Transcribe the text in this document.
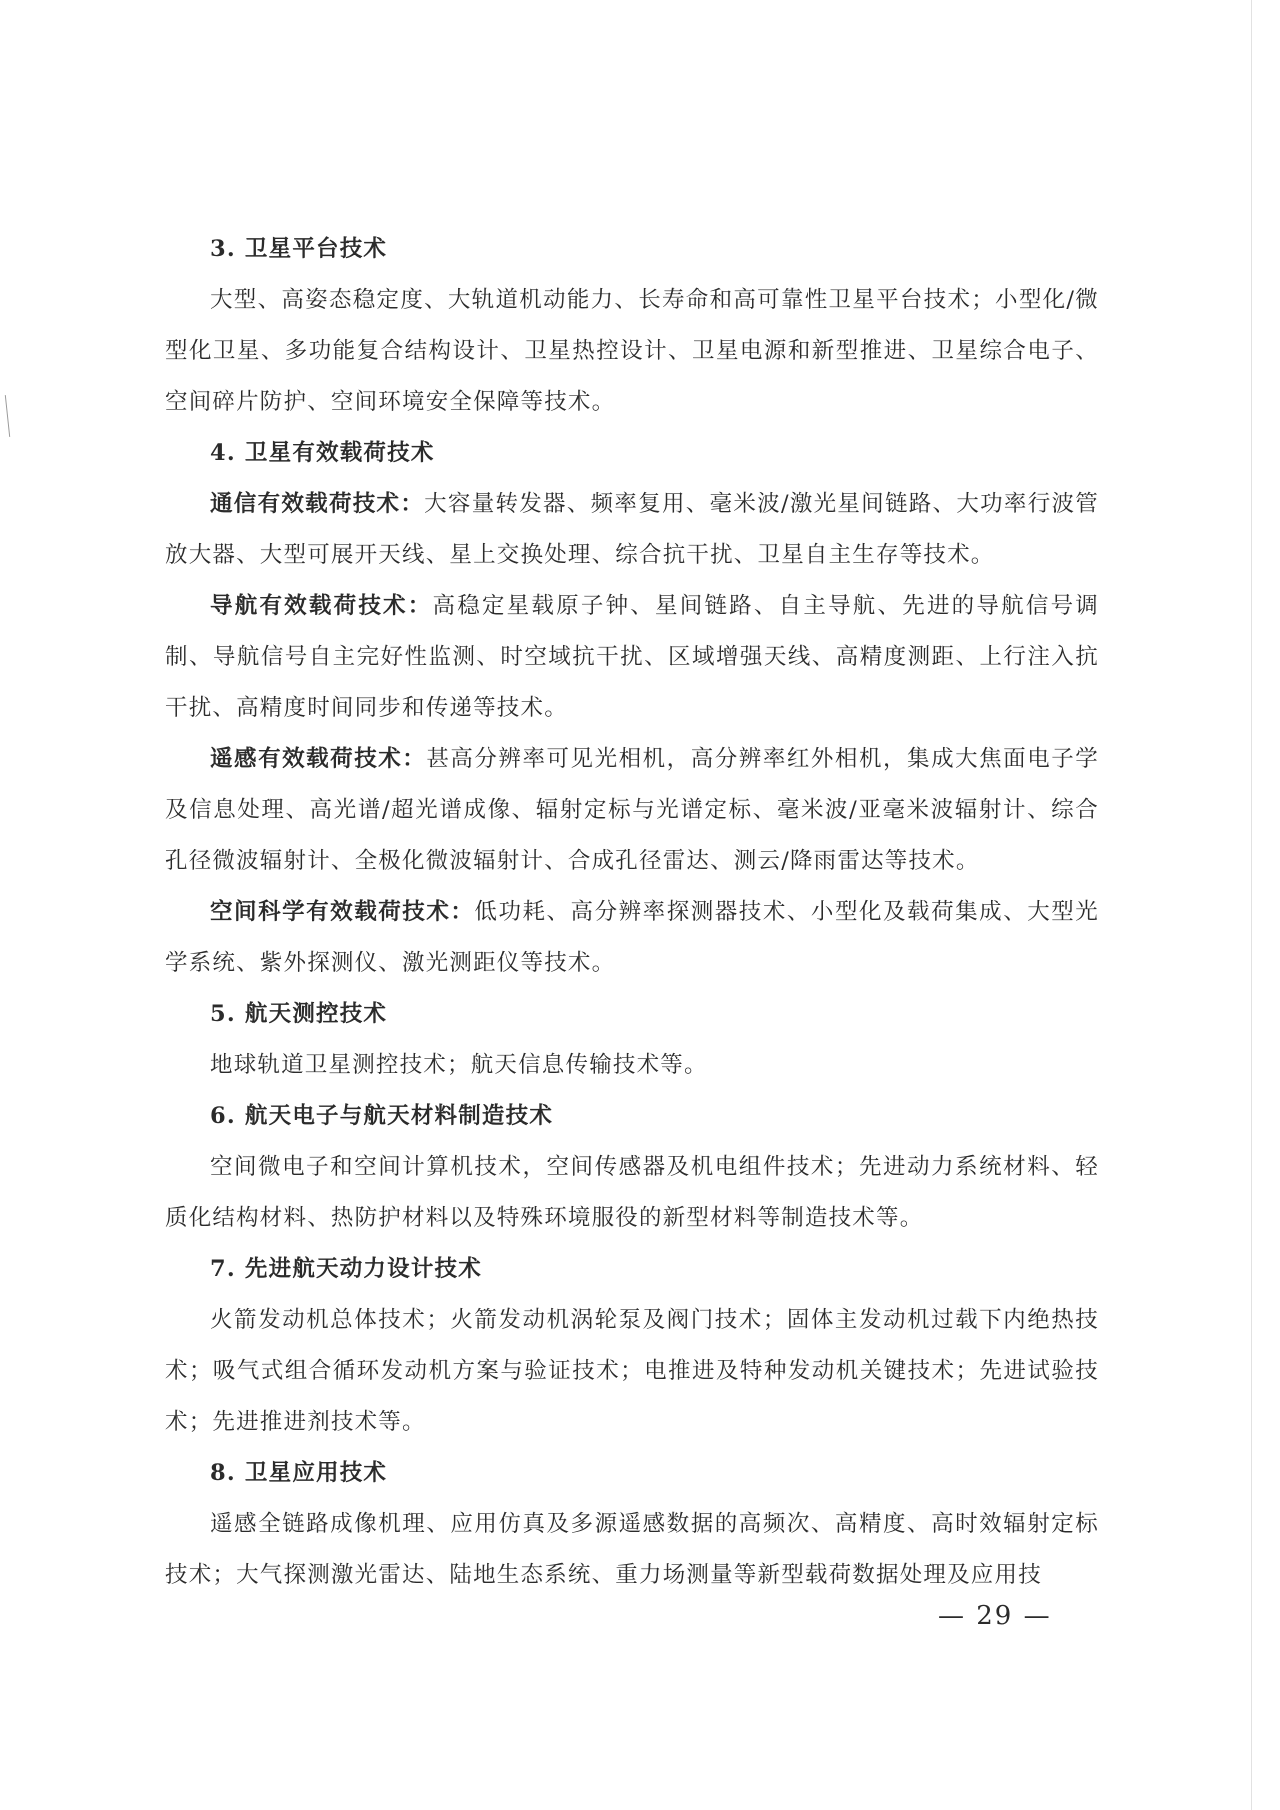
3. 卫星平台技术

大型、高姿态稳定度、大轨道机动能力、长寿命和高可靠性卫星平台技术；小型化/微型化卫星、多功能复合结构设计、卫星热控设计、卫星电源和新型推进、卫星综合电子、空间碎片防护、空间环境安全保障等技术。

4. 卫星有效载荷技术

通信有效载荷技术：大容量转发器、频率复用、毫米波/激光星间链路、大功率行波管放大器、大型可展开天线、星上交换处理、综合抗干扰、卫星自主生存等技术。

导航有效载荷技术：高稳定星载原子钟、星间链路、自主导航、先进的导航信号调制、导航信号自主完好性监测、时空域抗干扰、区域增强天线、高精度测距、上行注入抗干扰、高精度时间同步和传递等技术。

遥感有效载荷技术：甚高分辨率可见光相机，高分辨率红外相机，集成大焦面电子学及信息处理、高光谱/超光谱成像、辐射定标与光谱定标、毫米波/亚毫米波辐射计、综合孔径微波辐射计、全极化微波辐射计、合成孔径雷达、测云/降雨雷达等技术。

空间科学有效载荷技术：低功耗、高分辨率探测器技术、小型化及载荷集成、大型光学系统、紫外探测仪、激光测距仪等技术。

5. 航天测控技术

地球轨道卫星测控技术；航天信息传输技术等。

6. 航天电子与航天材料制造技术

空间微电子和空间计算机技术，空间传感器及机电组件技术；先进动力系统材料、轻质化结构材料、热防护材料以及特殊环境服役的新型材料等制造技术等。

7. 先进航天动力设计技术

火箭发动机总体技术；火箭发动机涡轮泵及阀门技术；固体主发动机过载下内绝热技术；吸气式组合循环发动机方案与验证技术；电推进及特种发动机关键技术；先进试验技术；先进推进剂技术等。

8. 卫星应用技术

遥感全链路成像机理、应用仿真及多源遥感数据的高频次、高精度、高时效辐射定标技术；大气探测激光雷达、陆地生态系统、重力场测量等新型载荷数据处理及应用技

— 29 —
